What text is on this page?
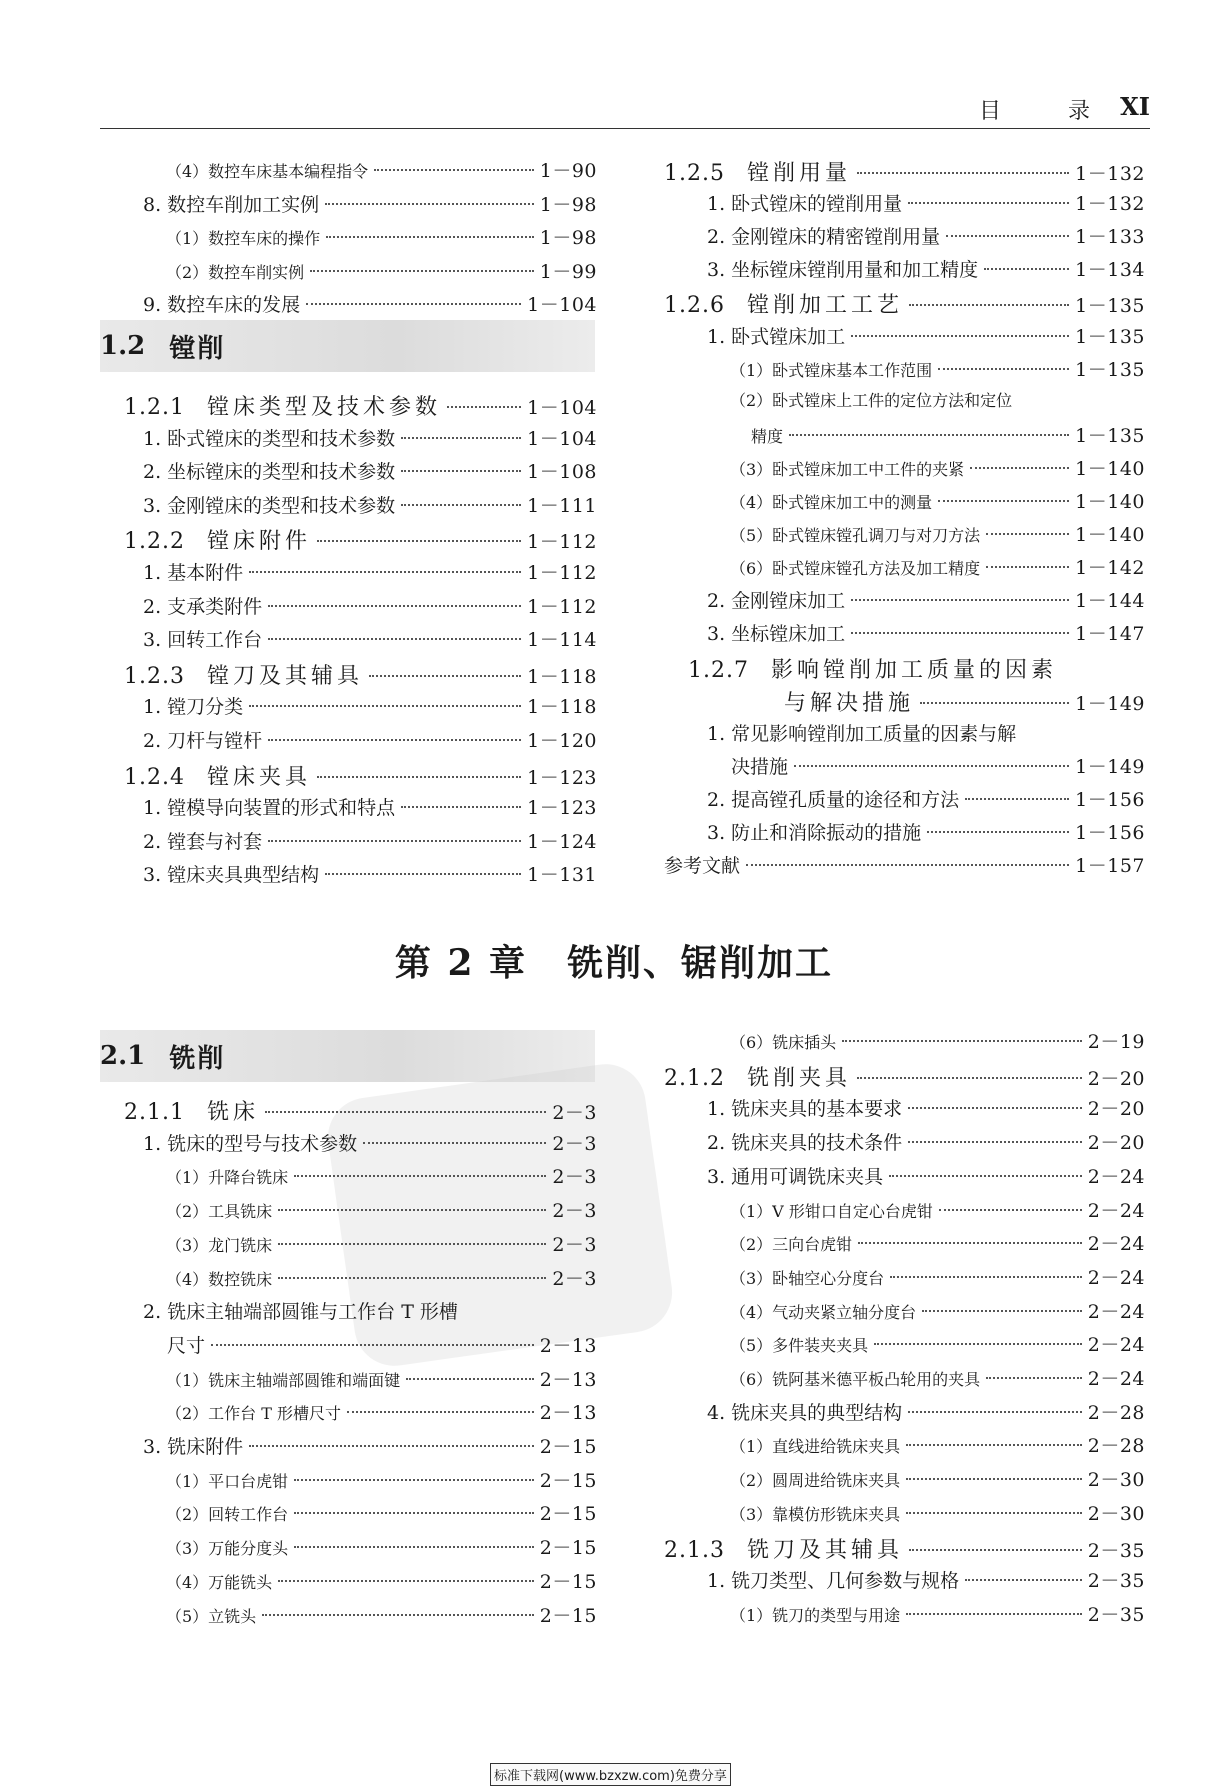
目 录 XI
1.2 镗削
第 2 章 铣削、锯削加工
2.1 铣削
（4）数控车床基本编程指令	1－90
8. 数控车削加工实例	1－98
（1）数控车床的操作	1－98
（2）数控车削实例	1－99
9. 数控车床的发展	1－104
1.2.1 镗床类型及技术参数	1－104
1. 卧式镗床的类型和技术参数	1－104
2. 坐标镗床的类型和技术参数	1－108
3. 金刚镗床的类型和技术参数	1－111
1.2.2 镗床附件	1－112
1. 基本附件	1－112
2. 支承类附件	1－112
3. 回转工作台	1－114
1.2.3 镗刀及其辅具	1－118
1. 镗刀分类	1－118
2. 刀杆与镗杆	1－120
1.2.4 镗床夹具	1－123
1. 镗模导向装置的形式和特点	1－123
2. 镗套与衬套	1－124
3. 镗床夹具典型结构	1－131
1.2.5 镗削用量	1－132
1. 卧式镗床的镗削用量	1－132
2. 金刚镗床的精密镗削用量	1－133
3. 坐标镗床镗削用量和加工精度	1－134
1.2.6 镗削加工工艺	1－135
1. 卧式镗床加工	1－135
（1）卧式镗床基本工作范围	1－135
（2）卧式镗床上工件的定位方法和定位
精度	1－135
（3）卧式镗床加工中工件的夹紧	1－140
（4）卧式镗床加工中的测量	1－140
（5）卧式镗床镗孔调刀与对刀方法	1－140
（6）卧式镗床镗孔方法及加工精度	1－142
2. 金刚镗床加工	1－144
3. 坐标镗床加工	1－147
1.2.7 影响镗削加工质量的因素
与解决措施	1－149
1. 常见影响镗削加工质量的因素与解
决措施	1－149
2. 提高镗孔质量的途径和方法	1－156
3. 防止和消除振动的措施	1－156
参考文献	1－157
2.1.1 铣床	2－3
1. 铣床的型号与技术参数	2－3
（1）升降台铣床	2－3
（2）工具铣床	2－3
（3）龙门铣床	2－3
（4）数控铣床	2－3
2. 铣床主轴端部圆锥与工作台 T 形槽
尺寸	2－13
（1）铣床主轴端部圆锥和端面键	2－13
（2）工作台 T 形槽尺寸	2－13
3. 铣床附件	2－15
（1）平口台虎钳	2－15
（2）回转工作台	2－15
（3）万能分度头	2－15
（4）万能铣头	2－15
（5）立铣头	2－15
（6）铣床插头	2－19
2.1.2 铣削夹具	2－20
1. 铣床夹具的基本要求	2－20
2. 铣床夹具的技术条件	2－20
3. 通用可调铣床夹具	2－24
（1）V 形钳口自定心台虎钳	2－24
（2）三向台虎钳	2－24
（3）卧轴空心分度台	2－24
（4）气动夹紧立轴分度台	2－24
（5）多件装夹夹具	2－24
（6）铣阿基米德平板凸轮用的夹具	2－24
4. 铣床夹具的典型结构	2－28
（1）直线进给铣床夹具	2－28
（2）圆周进给铣床夹具	2－30
（3）靠模仿形铣床夹具	2－30
2.1.3 铣刀及其辅具	2－35
1. 铣刀类型、几何参数与规格	2－35
（1）铣刀的类型与用途	2－35
标准下载网(www.bzxzw.com)免费分享
